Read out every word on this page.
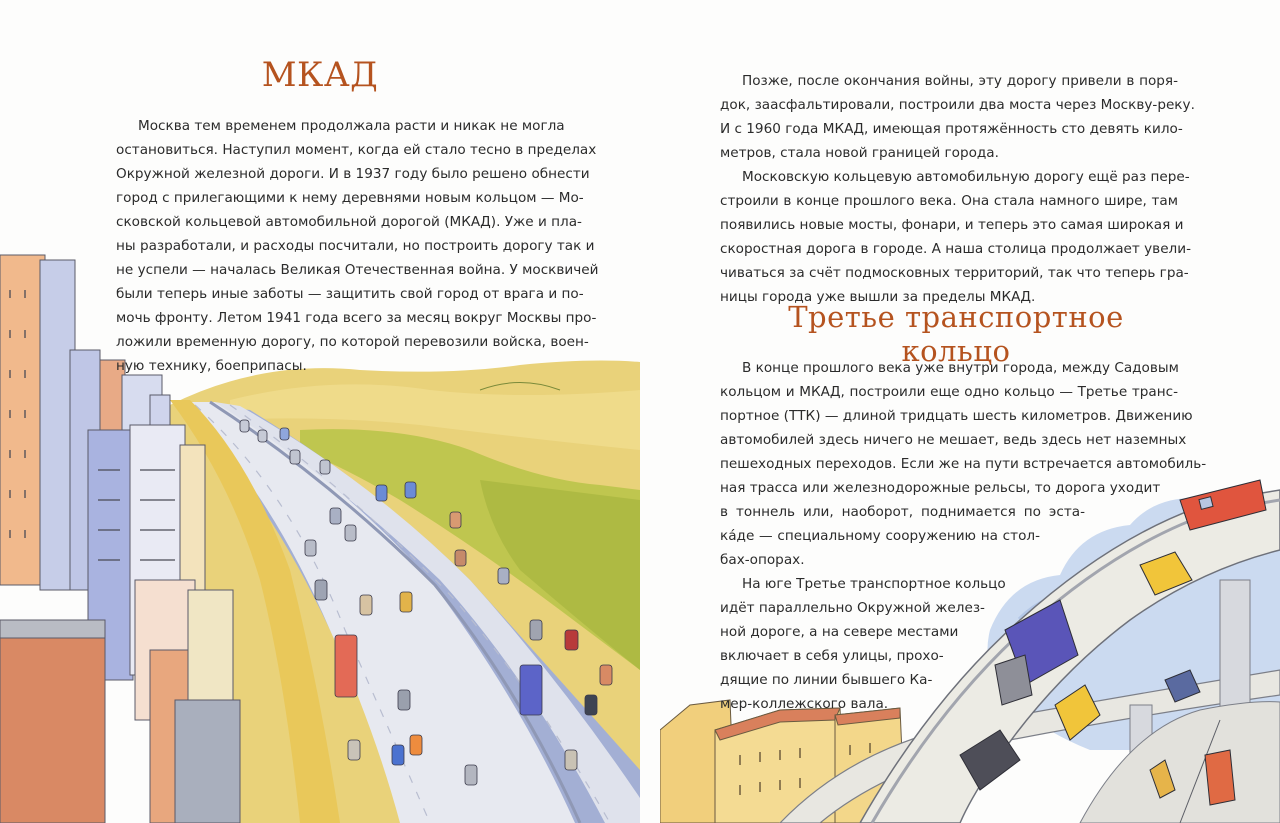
МКАД

Москва тем временем продолжала расти и никак не могла
остановиться. Наступил момент, когда ей стало тесно в пределах
Окружной железной дороги. И в 1937 году было решено обнести
город с прилегающими к нему деревнями новым кольцом — Мо-
сковской кольцевой автомобильной дорогой (МКАД). Уже и пла-
ны разработали, и расходы посчитали, но построить дорогу так и
не успели — началась Великая Отечественная война. У москвичей
были теперь иные заботы — защитить свой город от врага и по-
мочь фронту. Летом 1941 года всего за месяц вокруг Москвы про-
ложили временную дорогу, по которой перевозили войска, воен-
ную технику, боеприпасы.

Позже, после окончания войны, эту дорогу привели в поря-
док, заасфальтировали, построили два моста через Москву-реку.
И с 1960 года МКАД, имеющая протяжённость сто девять кило-
метров, стала новой границей города.

Московскую кольцевую автомобильную дорогу ещё раз пере-
строили в конце прошлого века. Она стала намного шире, там
появились новые мосты, фонари, и теперь это самая широкая и
скоростная дорога в городе. А наша столица продолжает увели-
чиваться за счёт подмосковных территорий, так что теперь гра-
ницы города уже вышли за пределы МКАД.

Третье транспортное кольцо

В конце прошлого века уже внутри города, между Садовым
кольцом и МКАД, построили еще одно кольцо — Третье транс-
портное (ТТК) — длиной тридцать шесть километров. Движению
автомобилей здесь ничего не мешает, ведь здесь нет наземных
пешеходных переходов. Если же на пути встречается автомобиль-
ная трасса или железнодорожные рельсы, то дорога уходит
в тоннель или, наоборот, поднимается по эста-
ка́де — специальному сооружению на стол-
бах-опорах.

На юге Третье транспортное кольцо
идёт параллельно Окружной желез-
ной дороге, а на севере местами
включает в себя улицы, прохо-
дящие по линии бывшего Ка-
мер-коллежского вала.
